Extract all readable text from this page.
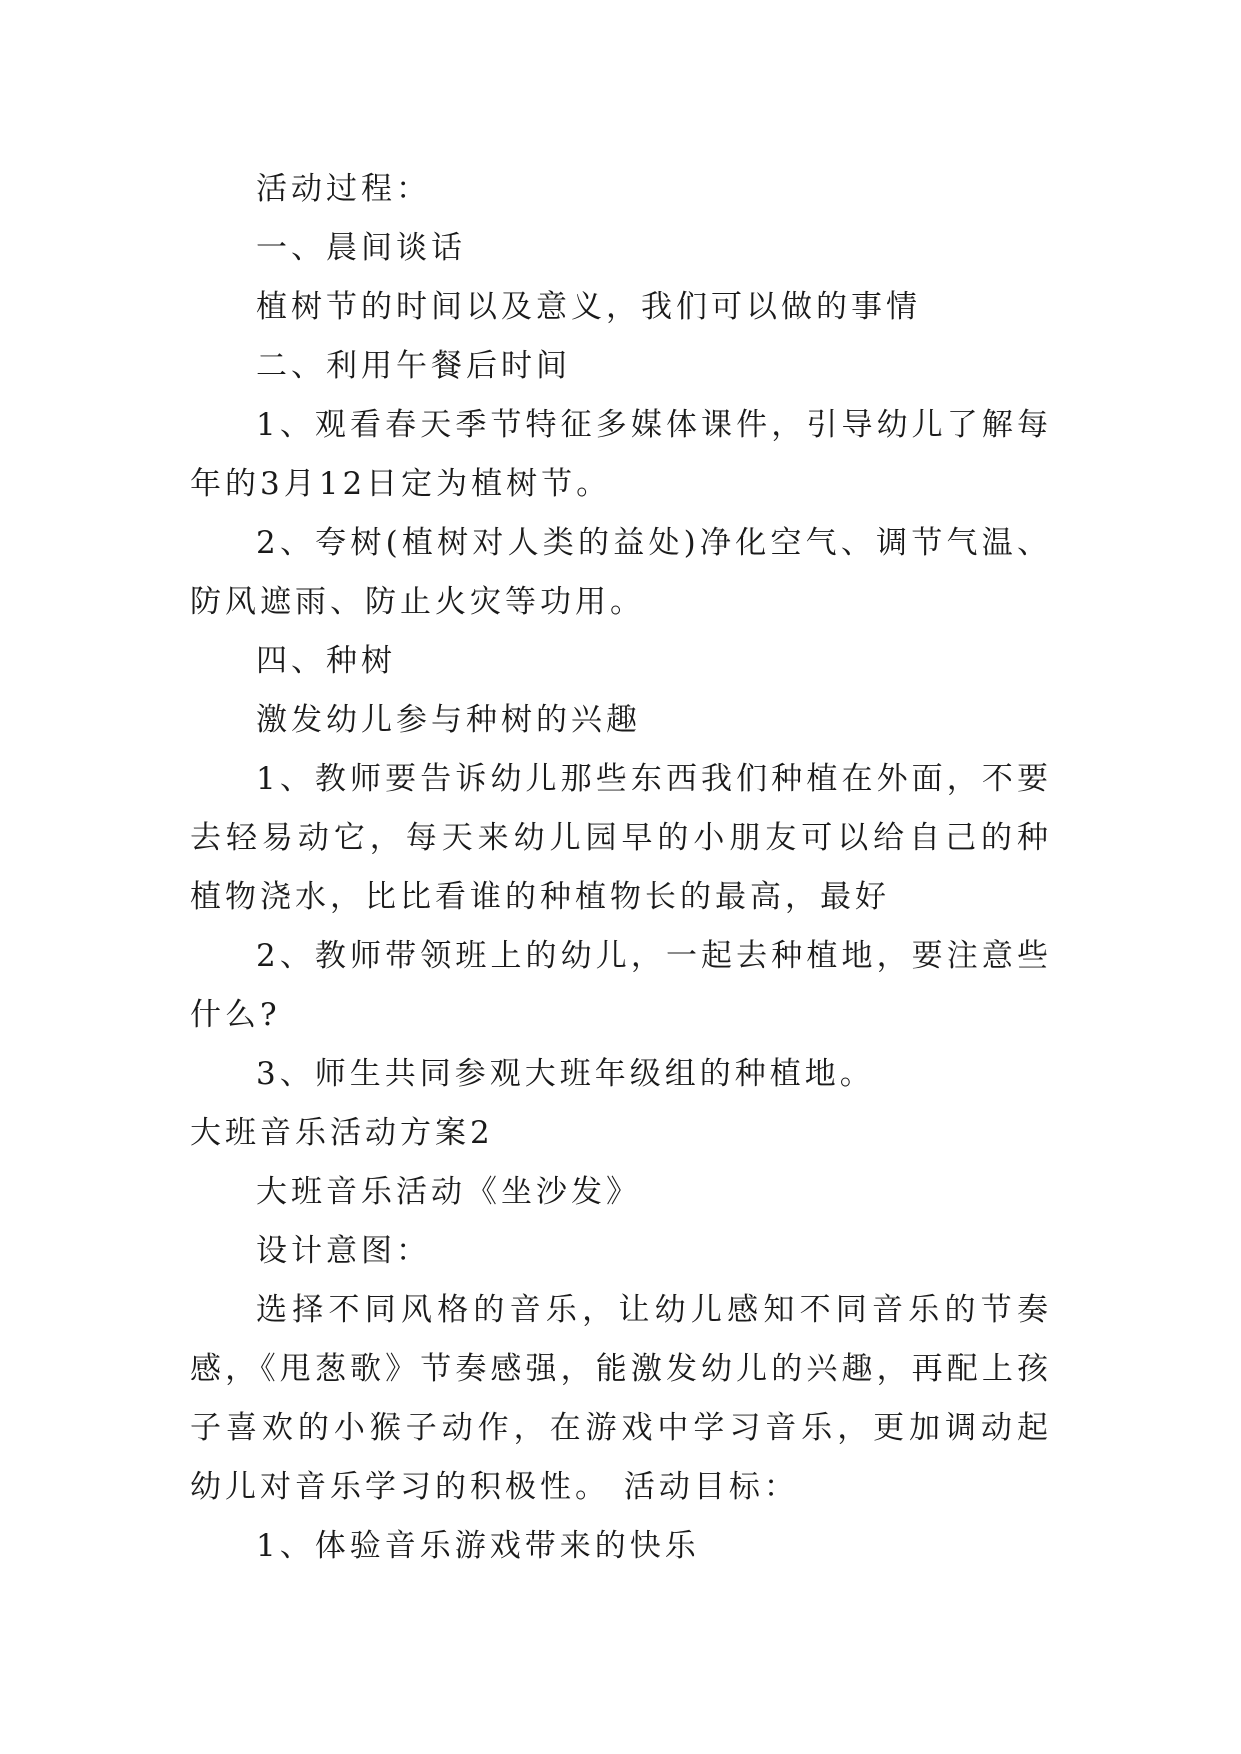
活动过程：

一、晨间谈话

植树节的时间以及意义，我们可以做的事情

二、利用午餐后时间

1、观看春天季节特征多媒体课件，引导幼儿了解每年的3月12日定为植树节。

2、夸树(植树对人类的益处)净化空气、调节气温、防风遮雨、防止火灾等功用。

四、种树

激发幼儿参与种树的兴趣

1、教师要告诉幼儿那些东西我们种植在外面，不要去轻易动它，每天来幼儿园早的小朋友可以给自己的种植物浇水，比比看谁的种植物长的最高，最好

2、教师带领班上的幼儿，一起去种植地，要注意些什么?

3、师生共同参观大班年级组的种植地。

大班音乐活动方案2

大班音乐活动《坐沙发》

设计意图：

选择不同风格的音乐，让幼儿感知不同音乐的节奏感，《甩葱歌》节奏感强，能激发幼儿的兴趣，再配上孩子喜欢的小猴子动作，在游戏中学习音乐，更加调动起幼儿对音乐学习的积极性。 活动目标：

1、体验音乐游戏带来的快乐
